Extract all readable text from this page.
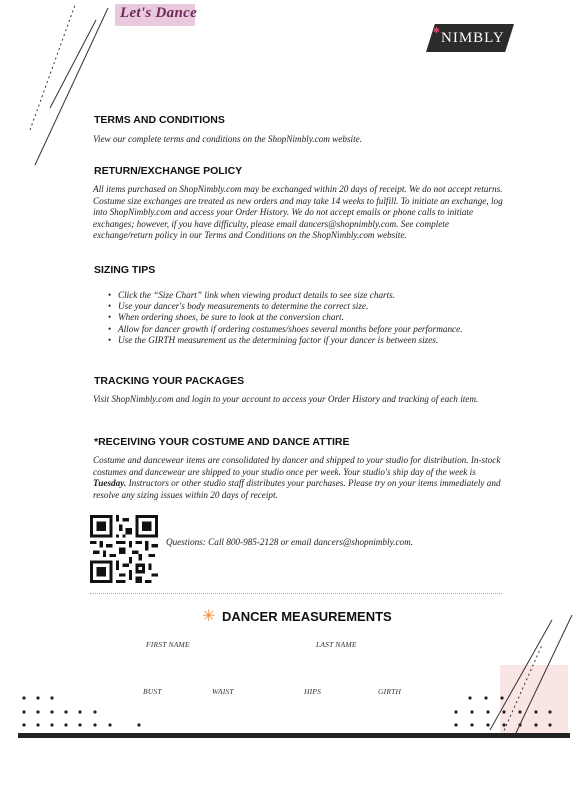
Let's Dance
✱ NIMBLY
TERMS AND CONDITIONS
View our complete terms and conditions on the ShopNimbly.com website.
RETURN/EXCHANGE POLICY
All items purchased on ShopNimbly.com may be exchanged within 20 days of receipt. We do not accept returns. Costume size exchanges are treated as new orders and may take 14 weeks to fulfill. To initiate an exchange, log into ShopNimbly.com and access your Order History. We do not accept emails or phone calls to initiate exchanges; however, if you have difficulty, please email dancers@shopnimbly.com. See complete exchange/return policy in our Terms and Conditions on the ShopNimbly.com website.
SIZING TIPS
• Click the “Size Chart” link when viewing product details to see size charts.
• Use your dancer's body measurements to determine the correct size.
• When ordering shoes, be sure to look at the conversion chart.
• Allow for dancer growth if ordering costumes/shoes several months before your performance.
• Use the GIRTH measurement as the determining factor if your dancer is between sizes.
TRACKING YOUR PACKAGES
Visit ShopNimbly.com and login to your account to access your Order History and tracking of each item.
*RECEIVING YOUR COSTUME AND DANCE ATTIRE
Costume and dancewear items are consolidated by dancer and shipped to your studio for distribution. In-stock costumes and dancewear are shipped to your studio once per week. Your studio's ship day of the week is Tuesday. Instructors or other studio staff distributes your purchases. Please try on your items immediately and resolve any sizing issues within 20 days of receipt.
Questions: Call 800-985-2128 or email dancers@shopnimbly.com.
✳ DANCER MEASUREMENTS
FIRST NAME	LAST NAME
BUST	WAIST	HIPS	GIRTH
